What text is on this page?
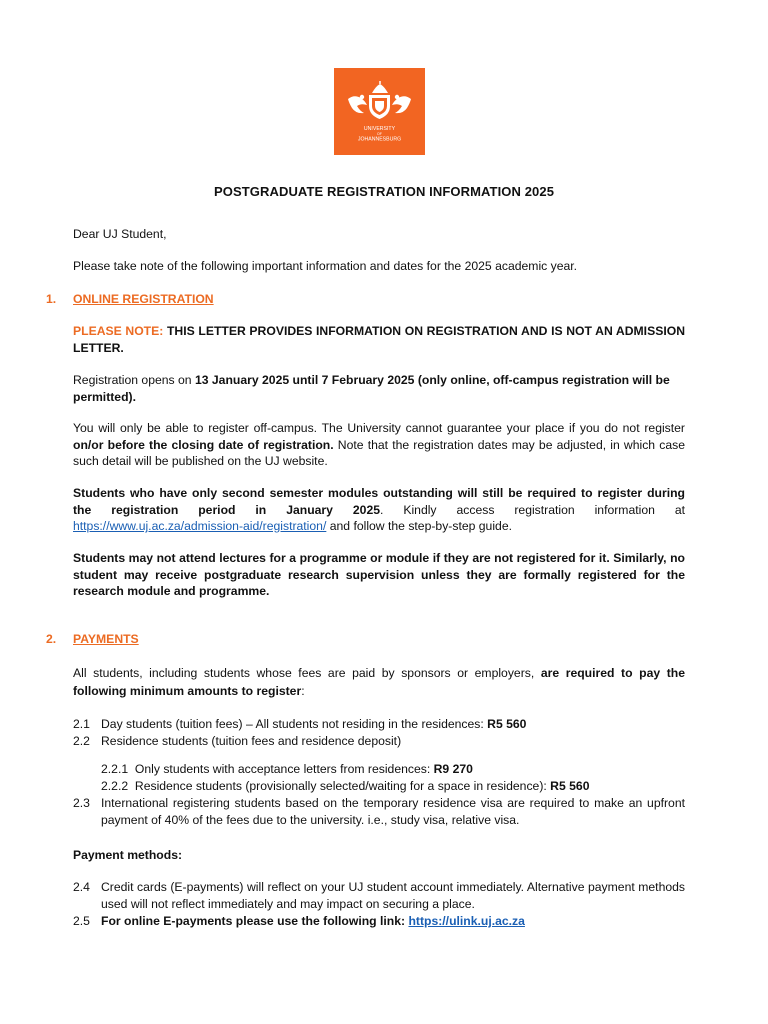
UNIVERSITY
OF
JOHANNESBURG
POSTGRADUATE REGISTRATION INFORMATION 2025
Dear UJ Student,
Please take note of the following important information and dates for the 2025 academic year.
1. ONLINE REGISTRATION
PLEASE NOTE: THIS LETTER PROVIDES INFORMATION ON REGISTRATION AND IS NOT AN ADMISSION LETTER.
Registration opens on 13 January 2025 until 7 February 2025 (only online, off-campus registration will be permitted).
You will only be able to register off-campus. The University cannot guarantee your place if you do not register on/or before the closing date of registration. Note that the registration dates may be adjusted, in which case such detail will be published on the UJ website.
Students who have only second semester modules outstanding will still be required to register during the registration period in January 2025. Kindly access registration information at https://www.uj.ac.za/admission-aid/registration/ and follow the step-by-step guide.
Students may not attend lectures for a programme or module if they are not registered for it. Similarly, no student may receive postgraduate research supervision unless they are formally registered for the research module and programme.
2. PAYMENTS
All students, including students whose fees are paid by sponsors or employers, are required to pay the following minimum amounts to register:
2.1 Day students (tuition fees) – All students not residing in the residences: R5 560
2.2 Residence students (tuition fees and residence deposit)
2.2.1 Only students with acceptance letters from residences: R9 270
2.2.2 Residence students (provisionally selected/waiting for a space in residence): R5 560
2.3 International registering students based on the temporary residence visa are required to make an upfront payment of 40% of the fees due to the university. i.e., study visa, relative visa.
Payment methods:
2.4 Credit cards (E-payments) will reflect on your UJ student account immediately. Alternative payment methods used will not reflect immediately and may impact on securing a place.
2.5 For online E-payments please use the following link: https://ulink.uj.ac.za
